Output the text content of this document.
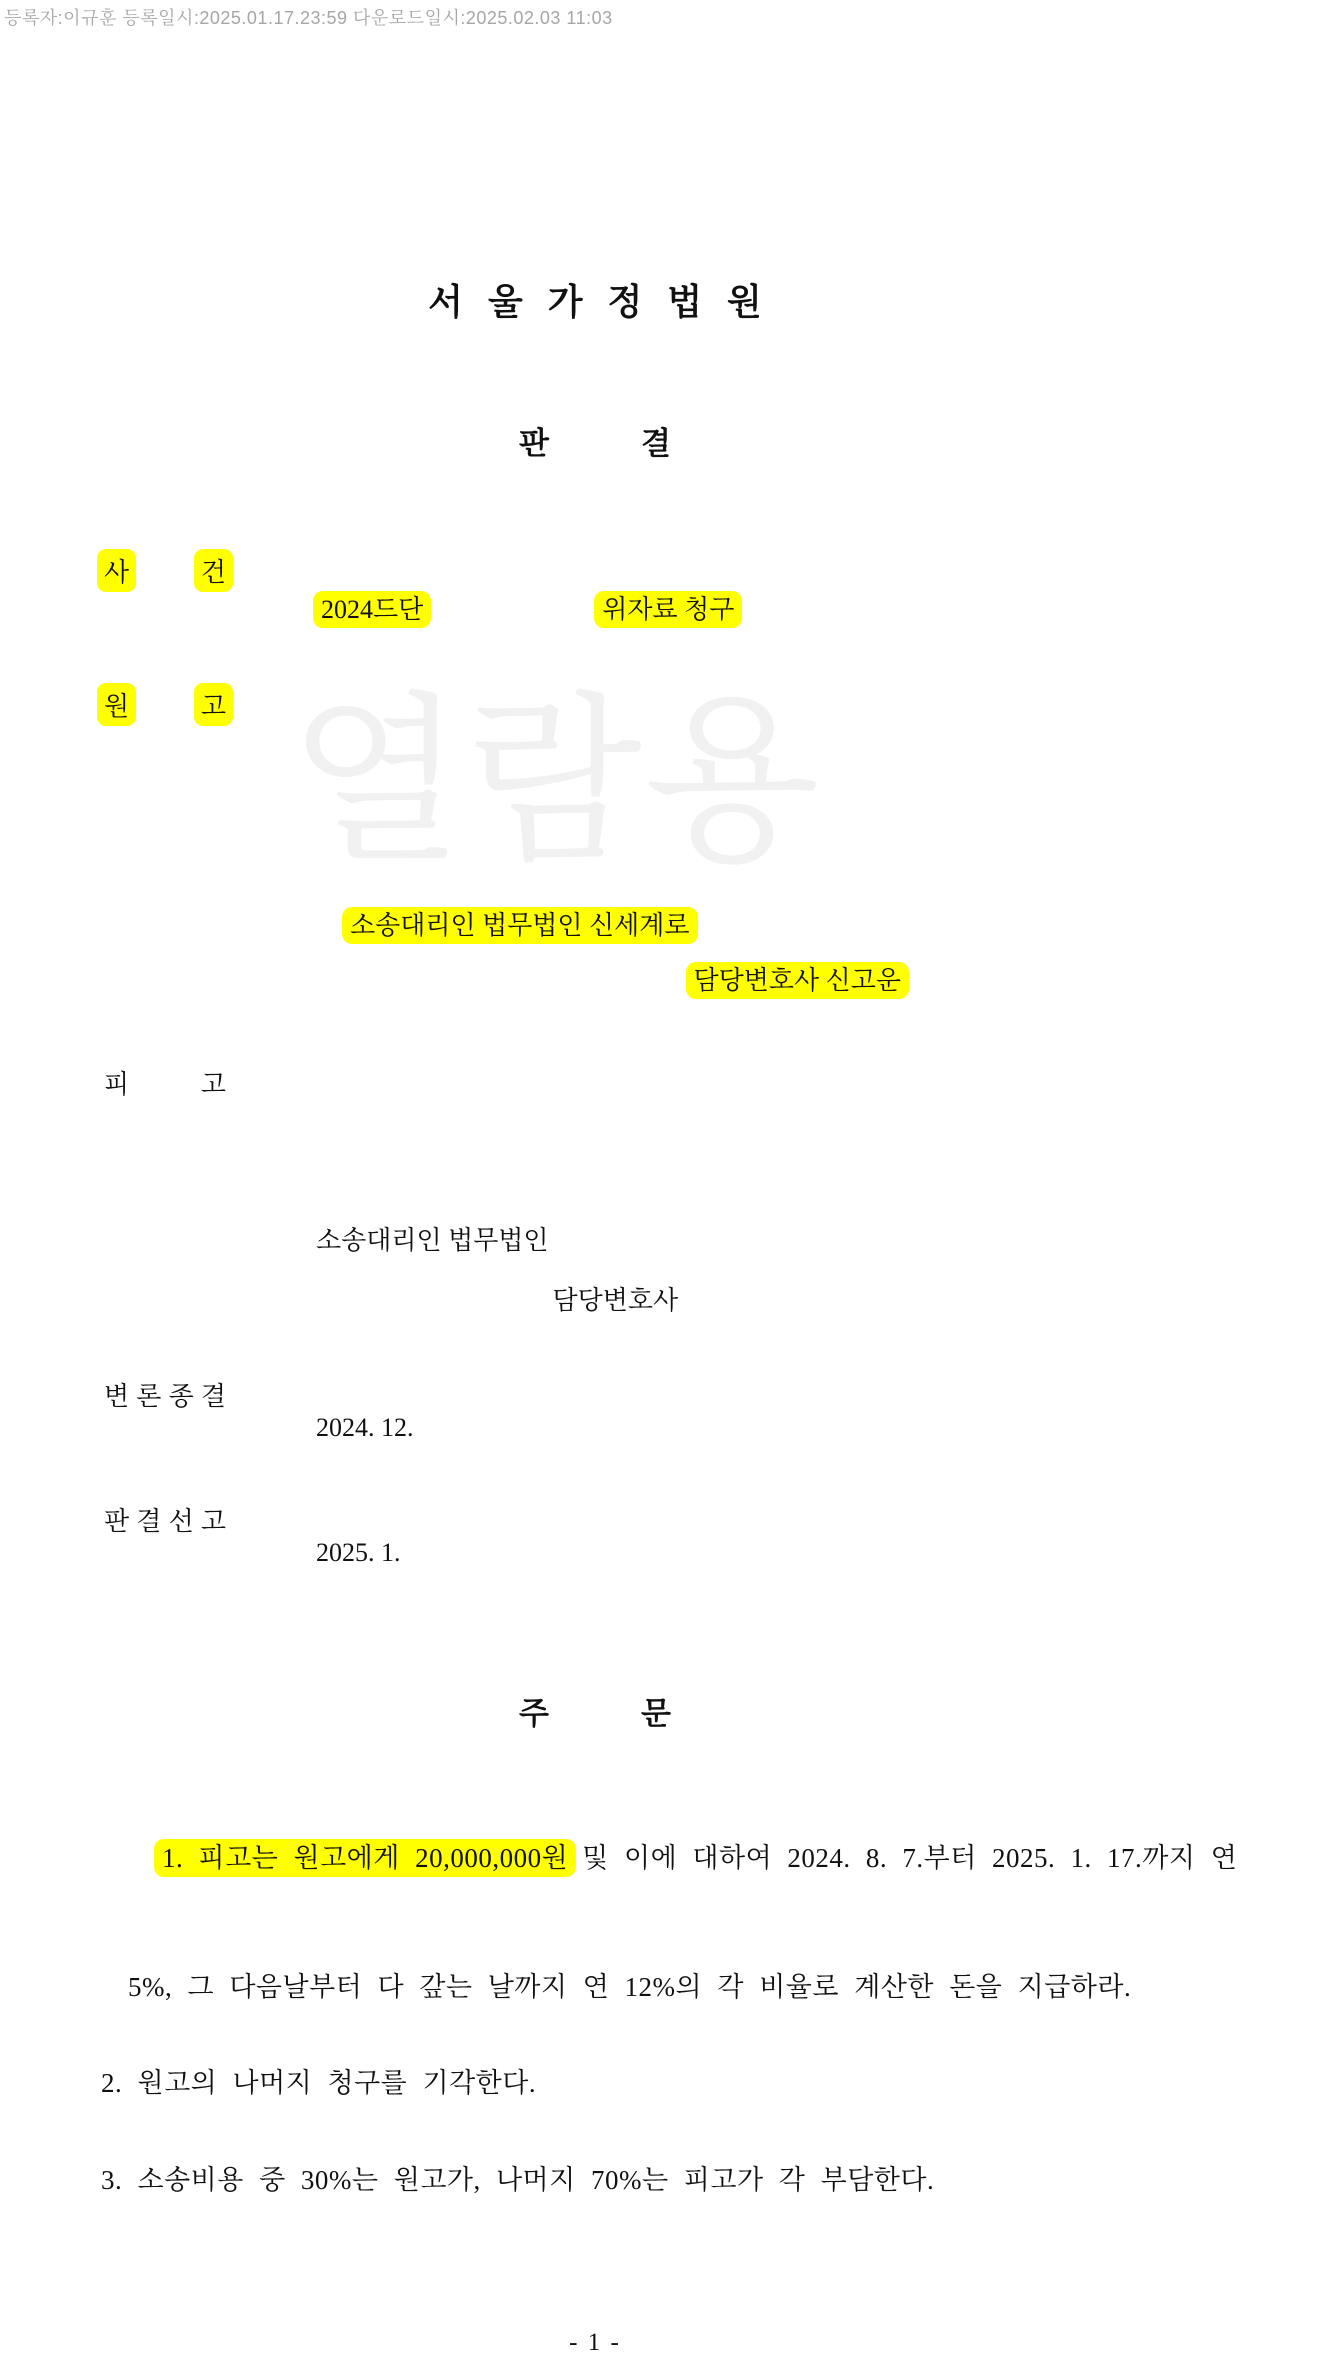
열람용
등록자:이규훈 등록일시:2025.01.17.23:59 다운로드일시:2025.02.03 11:03
서울가정법원
판결
사	건
2024드단	위자료 청구
원	고
소송대리인 법무법인 신세계로 담당변호사 신고운
피	고
소송대리인 법무법인 담당변호사
변 론 종 결
2024. 12.
판 결 선 고
2025. 1.
주문

1. 피고는 원고에게 20,000,000원 및 이에 대하여 2024. 8. 7.부터 2025. 1. 17.까지 연

5%, 그 다음날부터 다 갚는 날까지 연 12%의 각 비율로 계산한 돈을 지급하라.
2. 원고의 나머지 청구를 기각한다.
3. 소송비용 중 30%는 원고가, 나머지 70%는 피고가 각 부담한다.
- 1 -
